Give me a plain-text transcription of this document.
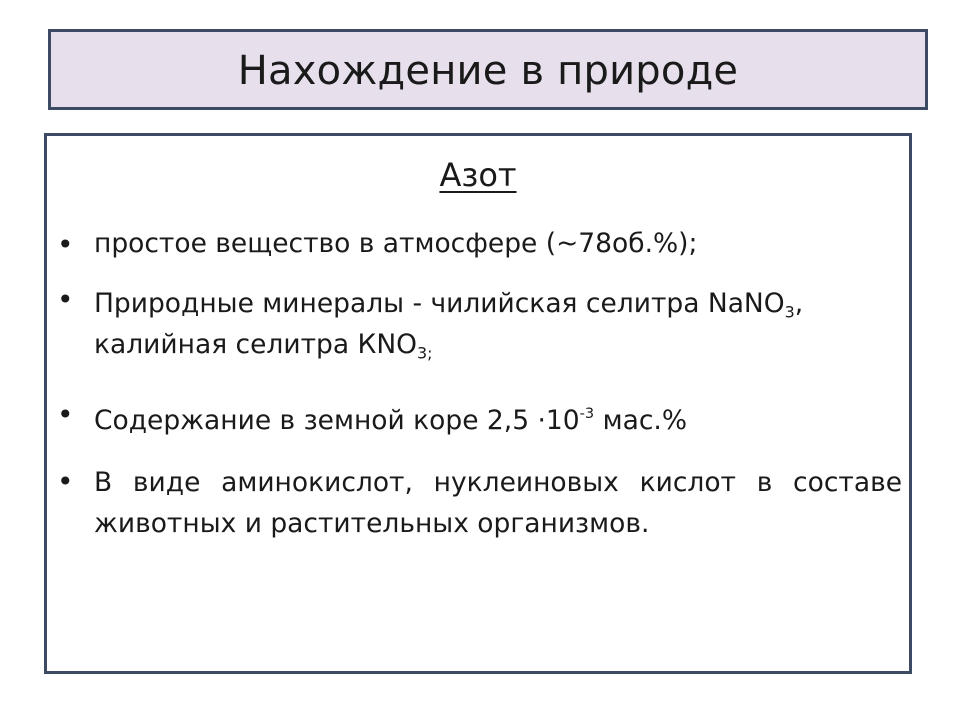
Нахождение в природе
Азот
• простое вещество в атмосфере (~78об.%);
• Природные минералы - чилийская селитра NaNO$_3$, калийная селитра $КNO_{3;}$
• Содержание в земной коре $2,5 \cdot 10^{-3}$ мас.%
• В виде аминокислот, нуклеиновых кислот в составе животных и растительных организмов.
